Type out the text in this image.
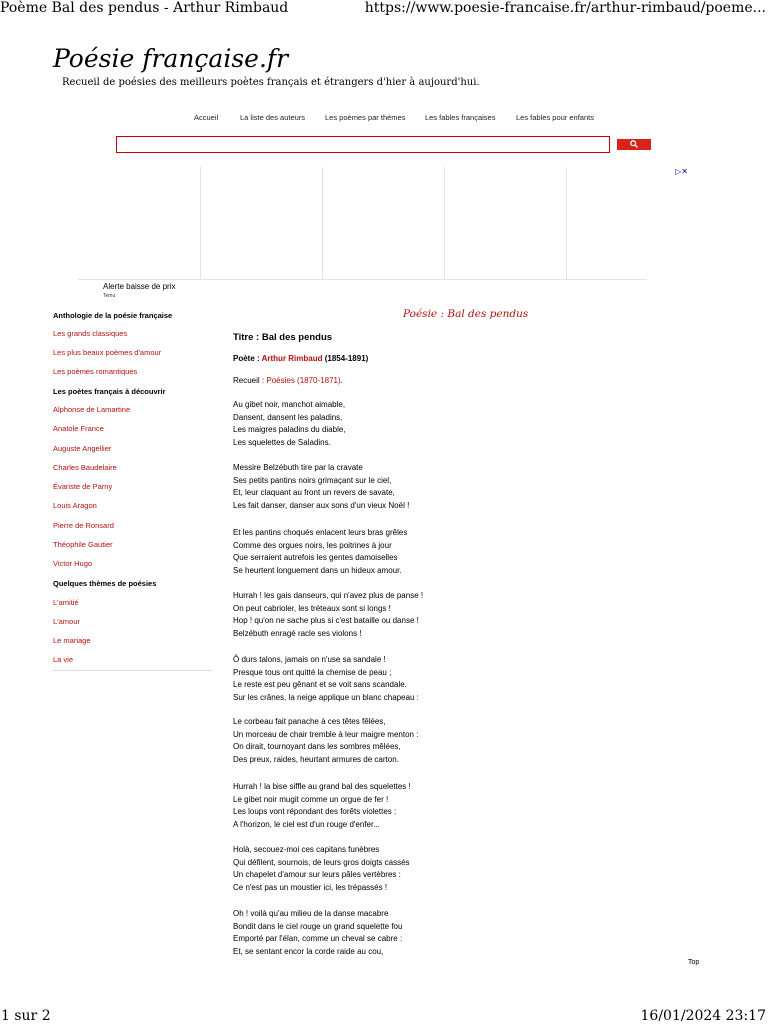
Poème Bal des pendus - Arthur Rimbaud	https://www.poesie-francaise.fr/arthur-rimbaud/poeme...
Poésie française.fr
Recueil de poésies des meilleurs poètes français et étrangers d'hier à aujourd'hui.
Accueil	La liste des auteurs	Les poèmes par thèmes	Les fables françaises	Les fables pour enfants
▷✕
Alerte baisse de prix
Temu
Anthologie de la poésie française
Les grands classiques
Les plus beaux poèmes d'amour
Les poèmes romantiques
Les poètes français à découvrir
Alphonse de Lamartine
Anatole France
Auguste Angellier
Charles Baudelaire
Évariste de Parny
Louis Aragon
Pierre de Ronsard
Théophile Gautier
Victor Hugo
Quelques thèmes de poésies
L'amitié
L'amour
Le mariage
La vie
Poésie : Bal des pendus
Titre : Bal des pendus
Poète : Arthur Rimbaud (1854-1891)
Recueil : Poésies (1870-1871).
Au gibet noir, manchot aimable,
Dansent, dansent les paladins,
Les maigres paladins du diable,
Les squelettes de Saladins.
Messire Belzébuth tire par la cravate
Ses petits pantins noirs grimaçant sur le ciel,
Et, leur claquant au front un revers de savate,
Les fait danser, danser aux sons d'un vieux Noël !
Et les pantins choqués enlacent leurs bras grêles
Comme des orgues noirs, les poitrines à jour
Que serraient autrefois les gentes damoiselles
Se heurtent longuement dans un hideux amour.
Hurrah ! les gais danseurs, qui n'avez plus de panse !
On peut cabrioler, les tréteaux sont si longs !
Hop ! qu'on ne sache plus si c'est bataille ou danse !
Belzébuth enragé racle ses violons !
Ô durs talons, jamais on n'use sa sandale !
Presque tous ont quitté la chemise de peau ;
Le reste est peu gênant et se voit sans scandale.
Sur les crânes, la neige applique un blanc chapeau :
Le corbeau fait panache à ces têtes fêlées,
Un morceau de chair tremble à leur maigre menton :
On dirait, tournoyant dans les sombres mêlées,
Des preux, raides, heurtant armures de carton.
Hurrah ! la bise siffle au grand bal des squelettes !
Le gibet noir mugit comme un orgue de fer !
Les loups vont répondant des forêts violettes :
A l'horizon, le ciel est d'un rouge d'enfer...
Holà, secouez-moi ces capitans funèbres
Qui défilent, sournois, de leurs gros doigts cassés
Un chapelet d'amour sur leurs pâles vertèbres :
Ce n'est pas un moustier ici, les trépassés !
Oh ! voilà qu'au milieu de la danse macabre
Bondit dans le ciel rouge un grand squelette fou
Emporté par l'élan, comme un cheval se cabre :
Et, se sentant encor la corde raide au cou,
Top
1 sur 2	16/01/2024 23:17
